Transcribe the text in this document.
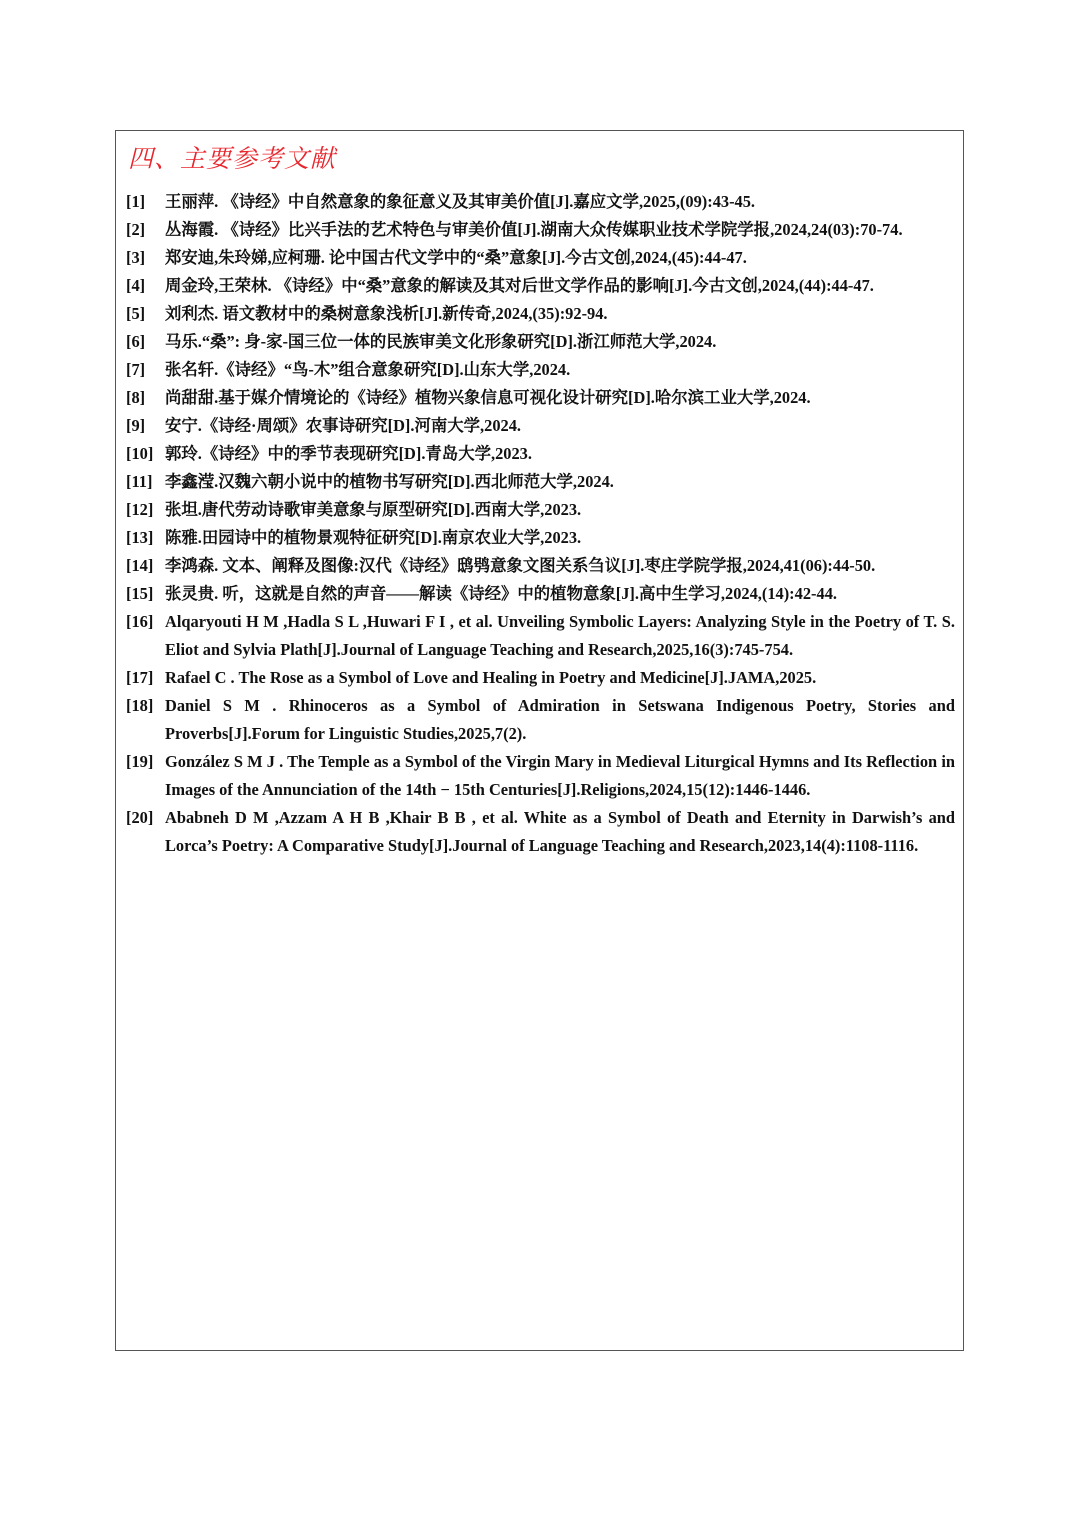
四、主要参考文献
[1]	王丽萍. 《诗经》中自然意象的象征意义及其审美价值[J].嘉应文学,2025,(09):43-45.
[2]	丛海霞. 《诗经》比兴手法的艺术特色与审美价值[J].湖南大众传媒职业技术学院学报,2024,24(03):70-74.
[3]	郑安迪,朱玲娣,应柯珊. 论中国古代文学中的“桑”意象[J].今古文创,2024,(45):44-47.
[4]	周金玲,王荣林. 《诗经》中“桑”意象的解读及其对后世文学作品的影响[J].今古文创,2024,(44):44-47.
[5]	刘利杰. 语文教材中的桑树意象浅析[J].新传奇,2024,(35):92-94.
[6]	马乐.“桑”: 身-家-国三位一体的民族审美文化形象研究[D].浙江师范大学,2024.
[7]	张名轩.《诗经》“鸟-木”组合意象研究[D].山东大学,2024.
[8]	尚甜甜.基于媒介情境论的《诗经》植物兴象信息可视化设计研究[D].哈尔滨工业大学,2024.
[9]	安宁.《诗经·周颂》农事诗研究[D].河南大学,2024.
[10] 郭玲.《诗经》中的季节表现研究[D].青岛大学,2023.
[11] 李鑫滢.汉魏六朝小说中的植物书写研究[D].西北师范大学,2024.
[12] 张坦.唐代劳动诗歌审美意象与原型研究[D].西南大学,2023.
[13] 陈雅.田园诗中的植物景观特征研究[D].南京农业大学,2023.
[14] 李鸿森. 文本、阐释及图像:汉代《诗经》鸱鸮意象文图关系刍议[J].枣庄学院学报,2024,41(06):44-50.
[15] 张灵贵. 听，这就是自然的声音——解读《诗经》中的植物意象[J].高中生学习,2024,(14):42-44.
[16] Alqaryouti H M ,Hadla S L ,Huwari F I , et al. Unveiling Symbolic Layers: Analyzing Style in the Poetry of T. S. Eliot and Sylvia Plath[J].Journal of Language Teaching and Research,2025,16(3):745-754.
[17] Rafael C . The Rose as a Symbol of Love and Healing in Poetry and Medicine[J].JAMA,2025.
[18] Daniel S M . Rhinoceros as a Symbol of Admiration in Setswana Indigenous Poetry, Stories and Proverbs[J].Forum for Linguistic Studies,2025,7(2).
[19] González S M J . The Temple as a Symbol of the Virgin Mary in Medieval Liturgical Hymns and Its Reflection in Images of the Annunciation of the 14th − 15th Centuries[J].Religions,2024,15(12):1446-1446.
[20] Ababneh D M ,Azzam A H B ,Khair B B , et al. White as a Symbol of Death and Eternity in Darwish’s and Lorca’s Poetry: A Comparative Study[J].Journal of Language Teaching and Research,2023,14(4):1108-1116.
